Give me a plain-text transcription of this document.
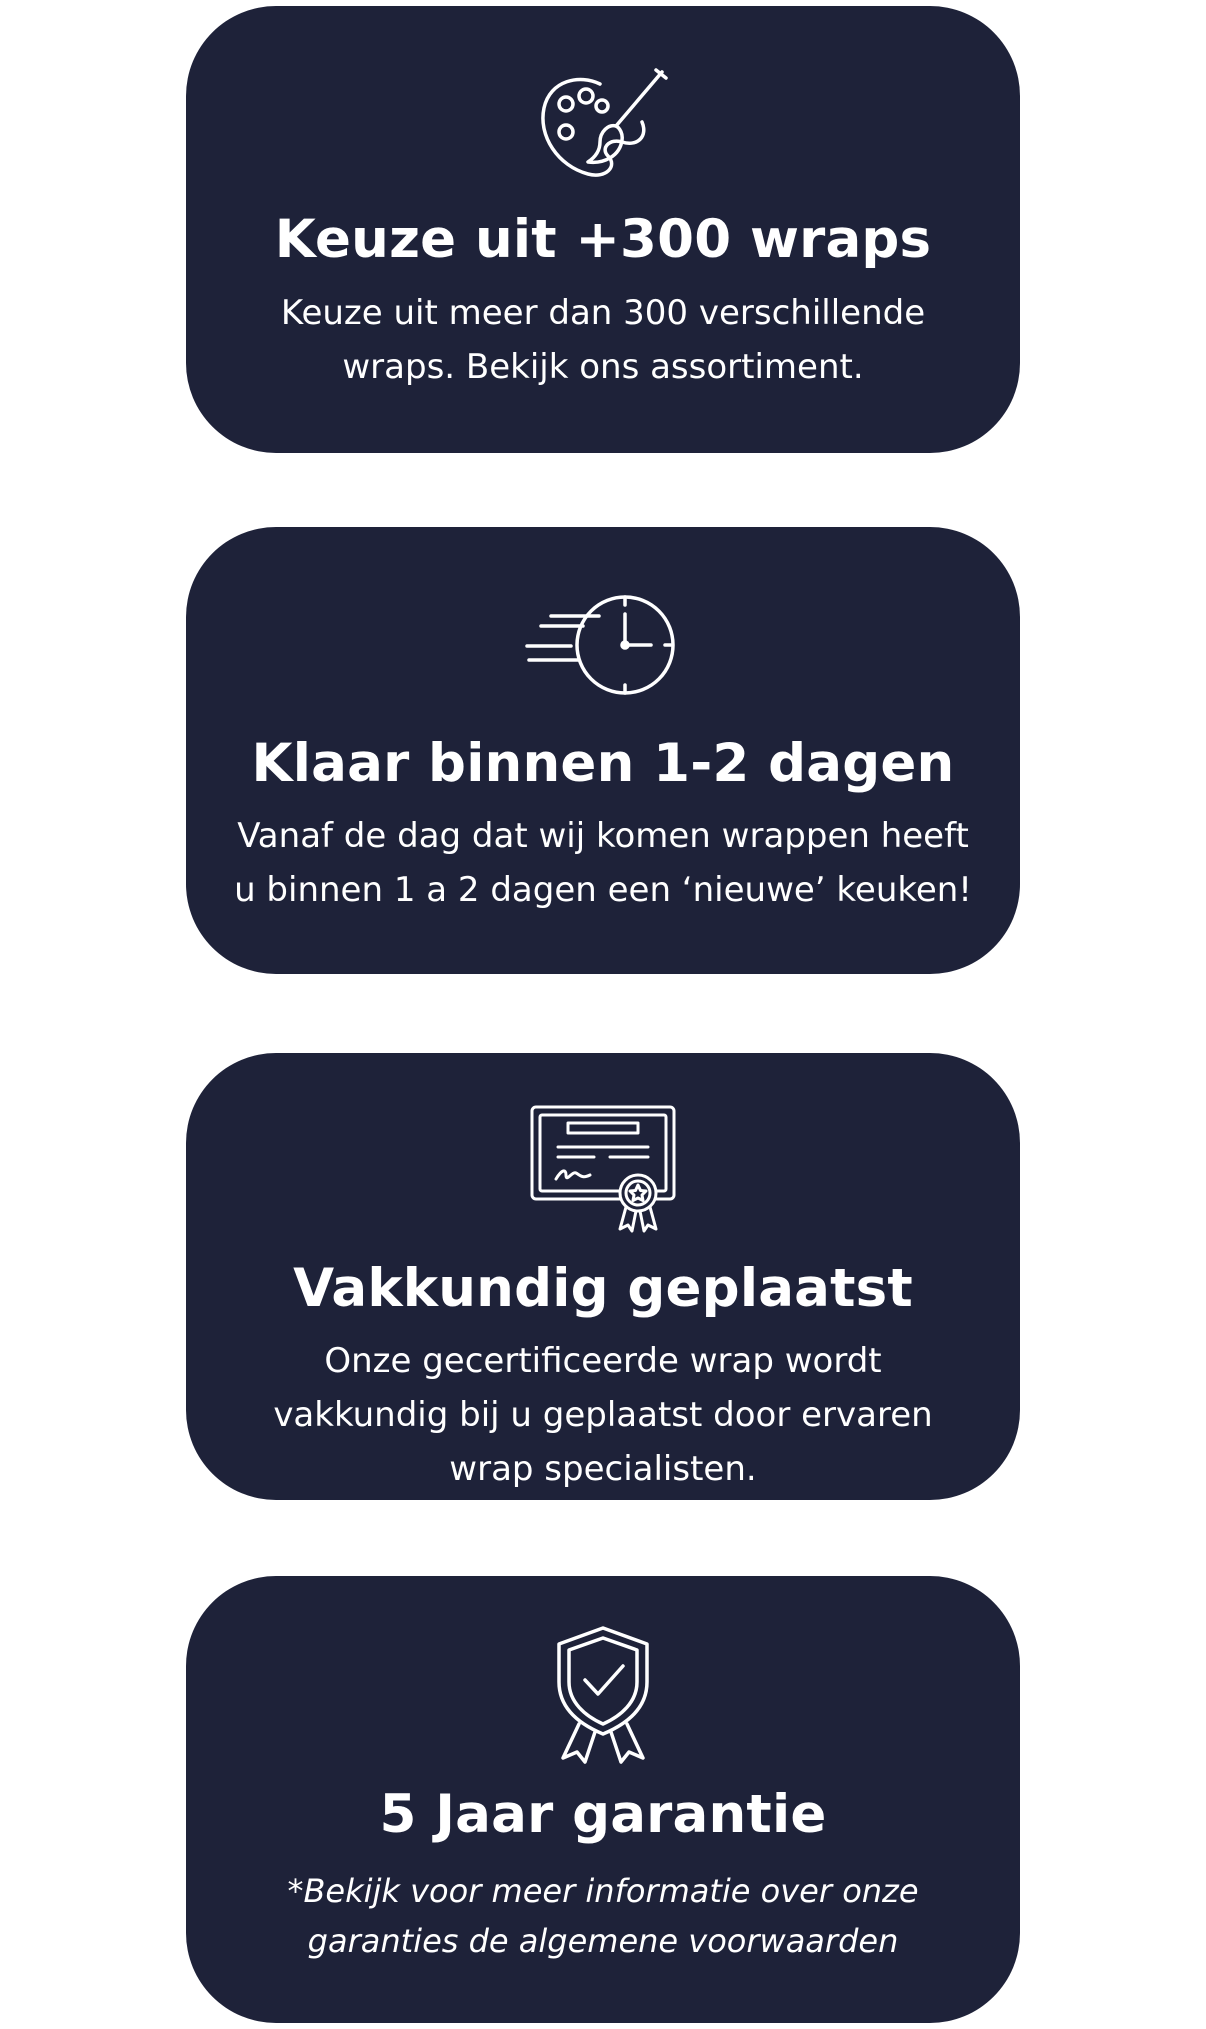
Keuze uit +300 wraps
Keuze uit meer dan 300 verschillende
wraps. Bekijk ons assortiment.
Klaar binnen 1-2 dagen
Vanaf de dag dat wij komen wrappen heeft
u binnen 1 a 2 dagen een ‘nieuwe’ keuken!
Vakkundig geplaatst
Onze gecertificeerde wrap wordt
vakkundig bij u geplaatst door ervaren
wrap specialisten.
5 Jaar garantie
*Bekijk voor meer informatie over onze
garanties de algemene voorwaarden
